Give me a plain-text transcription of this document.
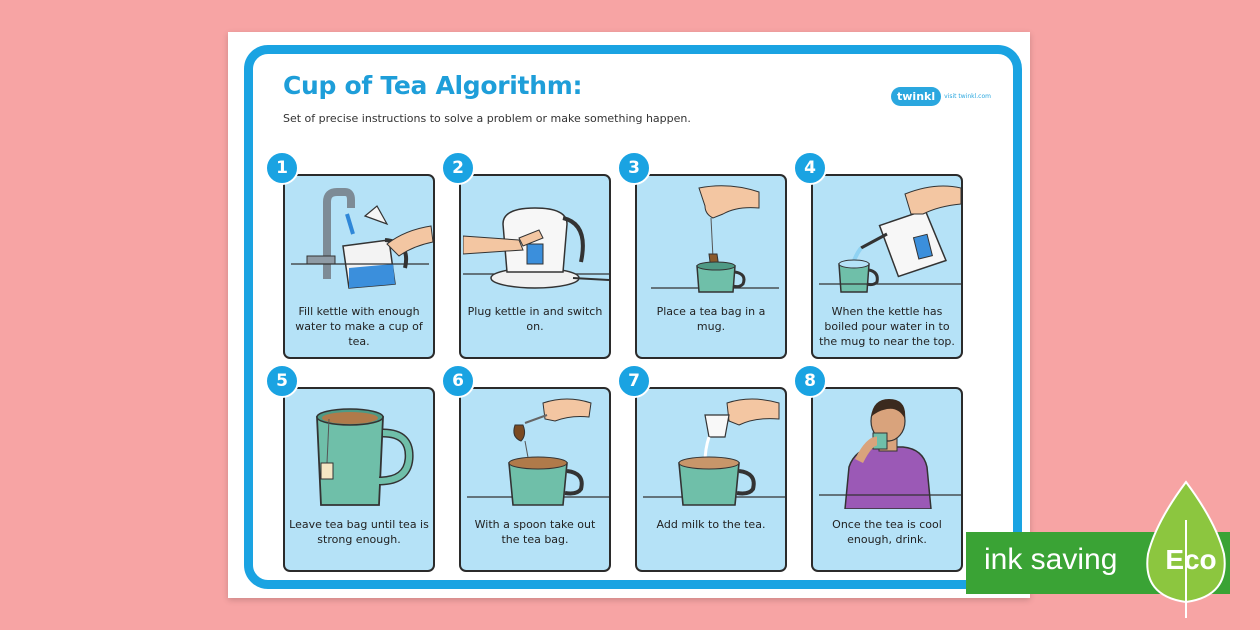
Cup of Tea Algorithm:

Set of precise instructions to solve a problem or make something happen.

twinkl	visit twinkl.com
1
Fill kettle with enough water to make a cup of tea.
2
Plug kettle in and switch on.
3
Place a tea bag in a mug.
4
When the kettle has boiled pour water in to the mug to near the top.
5
Leave tea bag until tea is strong enough.
6
With a spoon take out the tea bag.
7
Add milk to the tea.
8
Once the tea is cool enough, drink.
ink saving	Eco
